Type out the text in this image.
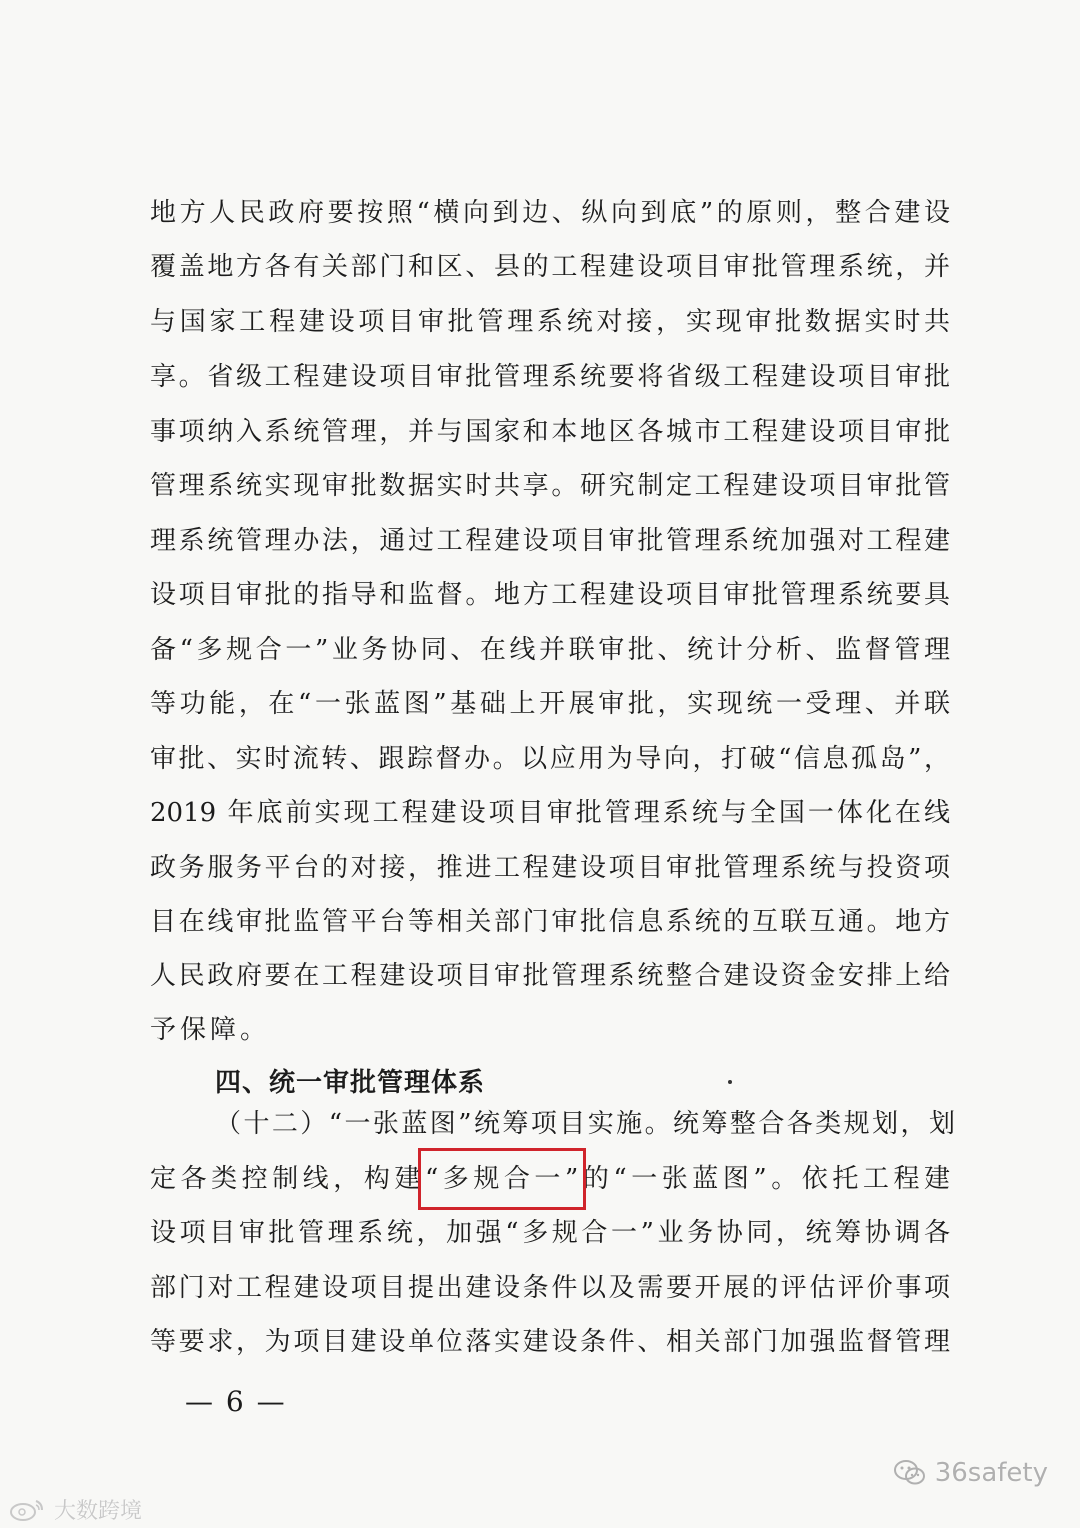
地方人民政府要按照“横向到边、纵向到底”的原则，整合建设
覆盖地方各有关部门和区、县的工程建设项目审批管理系统，并
与国家工程建设项目审批管理系统对接，实现审批数据实时共
享。省级工程建设项目审批管理系统要将省级工程建设项目审批
事项纳入系统管理，并与国家和本地区各城市工程建设项目审批
管理系统实现审批数据实时共享。研究制定工程建设项目审批管
理系统管理办法，通过工程建设项目审批管理系统加强对工程建
设项目审批的指导和监督。地方工程建设项目审批管理系统要具
备“多规合一”业务协同、在线并联审批、统计分析、监督管理
等功能，在“一张蓝图”基础上开展审批，实现统一受理、并联
审批、实时流转、跟踪督办。以应用为导向，打破“信息孤岛”，
2019 年底前实现工程建设项目审批管理系统与全国一体化在线
政务服务平台的对接，推进工程建设项目审批管理系统与投资项
目在线审批监管平台等相关部门审批信息系统的互联互通。地方
人民政府要在工程建设项目审批管理系统整合建设资金安排上给
予保障。
四、统一审批管理体系
（十二）“一张蓝图”统筹项目实施。统筹整合各类规划，划
定各类控制线，构建“多规合一”的“一张蓝图”。依托工程建
设项目审批管理系统，加强“多规合一”业务协同，统筹协调各
部门对工程建设项目提出建设条件以及需要开展的评估评价事项
等要求，为项目建设单位落实建设条件、相关部门加强监督管理
— 6 —
36safety
大数跨境
